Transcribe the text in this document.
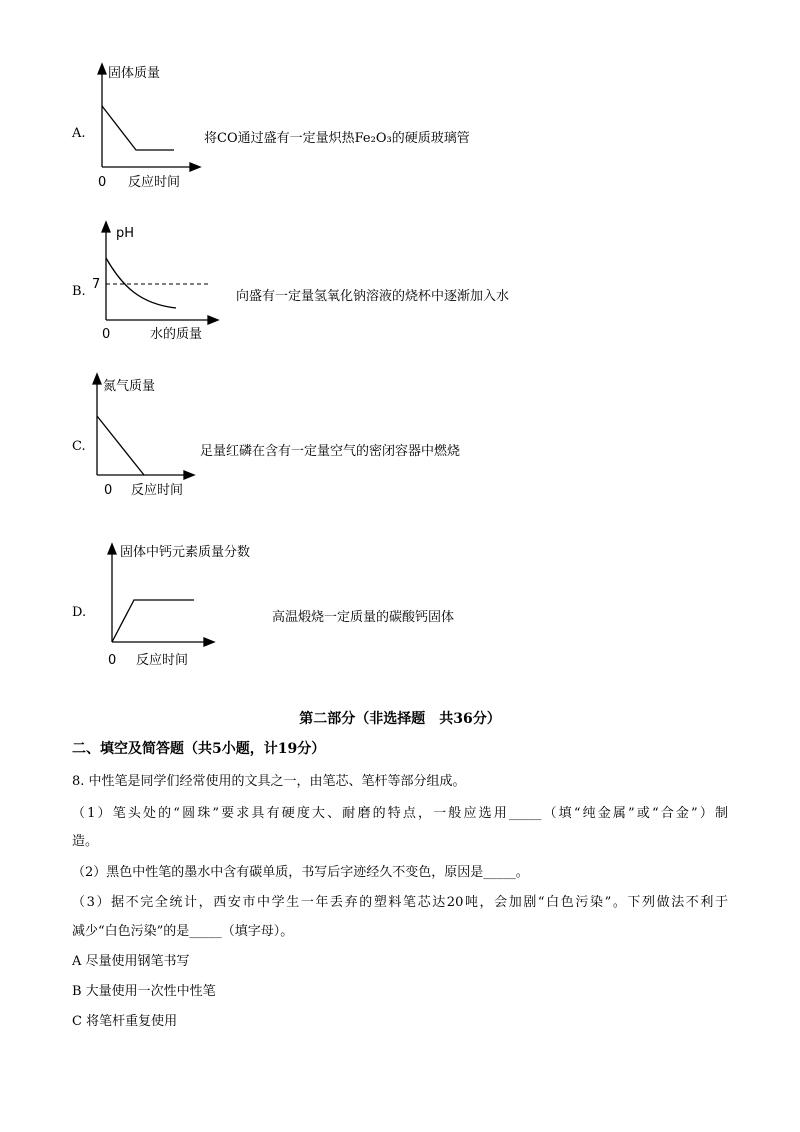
A.
固体质量
0 反应时间
将CO通过盛有一定量炽热Fe₂O₃的硬质玻璃管
B.
pH
7
0	水的质量
向盛有一定量氢氧化钠溶液的烧杯中逐渐加入水
C.
氮气质量
0 反应时间
足量红磷在含有一定量空气的密闭容器中燃烧
D.
固体中钙元素质量分数
0 反应时间
高温煅烧一定质量的碳酸钙固体
第二部分（非选择题　共36分）
二、填空及简答题（共5小题，计19分）
8. 中性笔是同学们经常使用的文具之一，由笔芯、笔杆等部分组成。
（1）笔头处的“圆珠”要求具有硬度大、耐磨的特点，一般应选用_____（填“纯金属”或“合金”）制
造。
（2）黑色中性笔的墨水中含有碳单质，书写后字迹经久不变色，原因是_____。
（3）据不完全统计，西安市中学生一年丢弃的塑料笔芯达20吨，会加剧“白色污染”。下列做法不利于
减少“白色污染”的是_____（填字母）。
A 尽量使用钢笔书写
B 大量使用一次性中性笔
C 将笔杆重复使用
